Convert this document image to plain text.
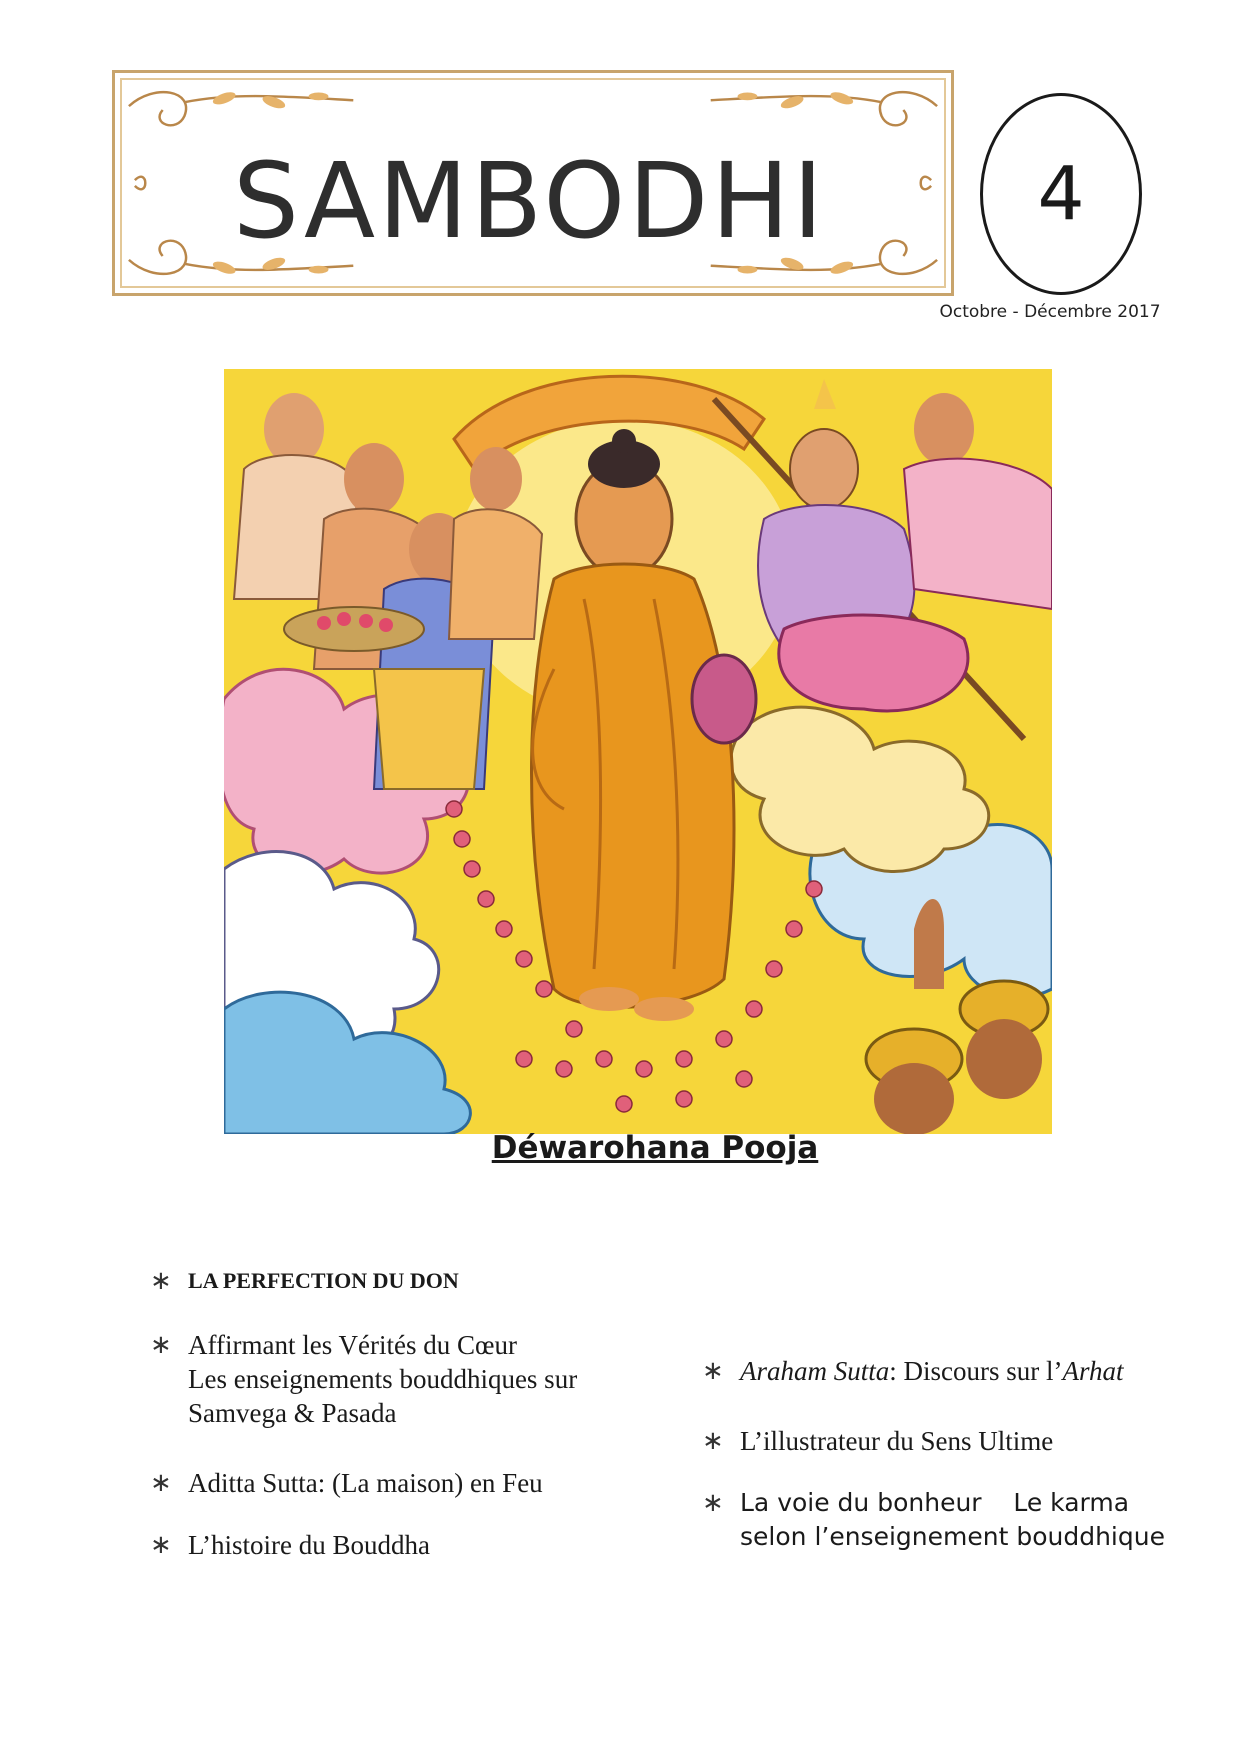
SAMBODHI	4
Octobre - Décembre 2017
Déwarohana Pooja
∗ LA PERFECTION DU DON
∗ Affirmant les Vérités du Cœur
Les enseignements bouddhiques sur
Samvega & Pasada
∗ Aditta Sutta: (La maison) en Feu
∗ L’histoire du Bouddha
∗ Araham Sutta: Discours sur l’Arhat
∗ L’illustrateur du Sens Ultime
∗ La voie du bonheur    Le karma
selon l’enseignement bouddhique
